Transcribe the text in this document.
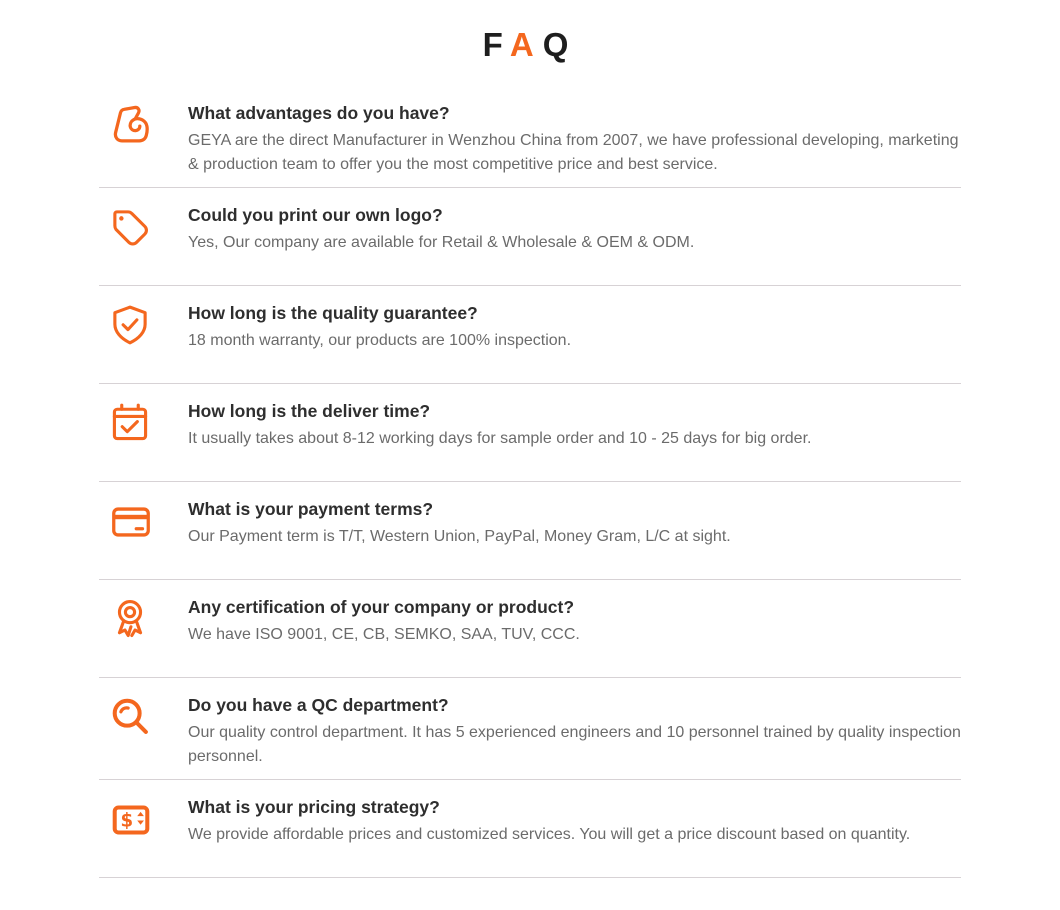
FAQ
What advantages do you have?

GEYA are the direct Manufacturer in Wenzhou China from 2007, we have professional developing, marketing & production team to offer you the most competitive price and best service.

Could you print our own logo?

Yes, Our company are available for Retail & Wholesale & OEM & ODM.

How long is the quality guarantee?

18 month warranty, our products are 100% inspection.

How long is the deliver time?

It usually takes about 8-12 working days for sample order and 10 - 25 days for big order.

What is your payment terms?

Our Payment term is T/T, Western Union, PayPal, Money Gram, L/C at sight.

Any certification of your company or product?

We have ISO 9001, CE, CB, SEMKO, SAA, TUV, CCC.

Do you have a QC department?

Our quality control department. It has 5 experienced engineers and 10 personnel trained by quality inspection personnel.

$
What is your pricing strategy?

We provide affordable prices and customized services. You will get a price discount based on quantity.
